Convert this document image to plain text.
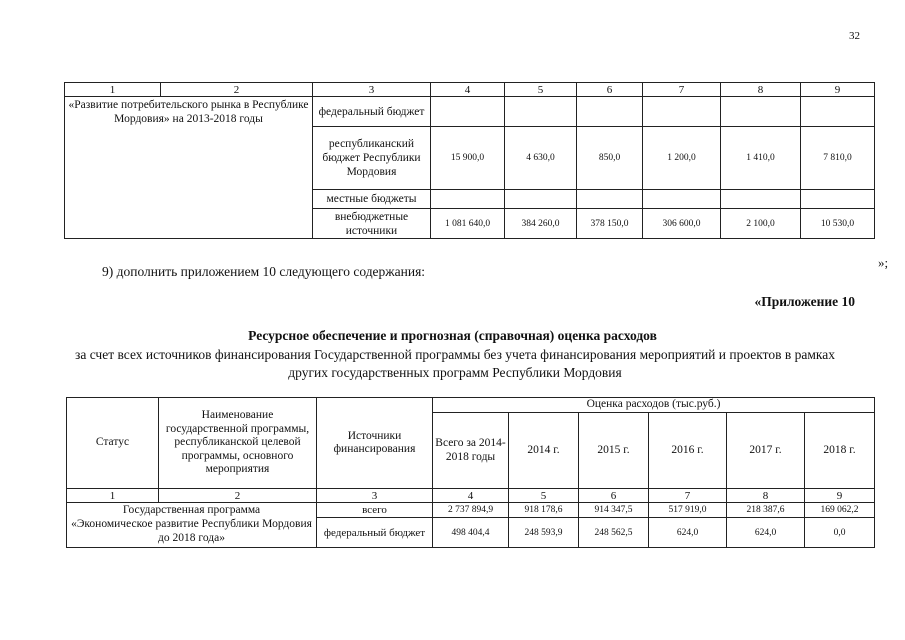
32
1	2	3	4	5	6	7	8	9
«Развитие потребительского рынка в Республике Мордовия» на 2013-2018 годы		федеральный бюджет						
		республиканский бюджет Республики Мордовия	15 900,0	4 630,0	850,0	1 200,0	1 410,0	7 810,0
		местные бюджеты						
		внебюджетные источники	1 081 640,0	384 260,0	378 150,0	306 600,0	2 100,0	10 530,0
»;
9) дополнить приложением 10 следующего содержания:
«Приложение 10
Ресурсное обеспечение и прогнозная (справочная) оценка расходов
за счет всех источников финансирования Государственной программы без учета финансирования мероприятий и проектов в рамках других государственных программ Республики Мордовия
Статус	Наименование государственной программы, республиканской целевой программы, основного мероприятия	Источники финансирования	Оценка расходов (тыс.руб.)					
			Всего за 2014-2018 годы	2014 г.	2015 г.	2016 г.	2017 г.	2018 г.
1	2	3	4	5	6	7	8	9

Государственная программа
«Экономическое развитие Республики Мордовия до 2018 года»		всего	2 737 894,9	918 178,6	914 347,5	517 919,0	218 387,6	169 062,2
		федеральный бюджет	498 404,4	248 593,9	248 562,5	624,0	624,0	0,0
